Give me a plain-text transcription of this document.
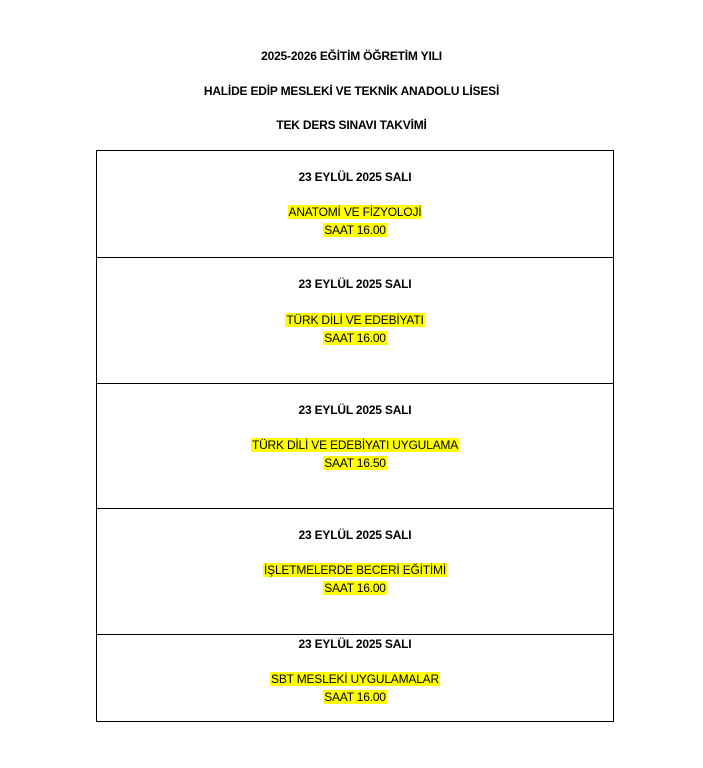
2025-2026 EĞİTİM ÖĞRETİM YILI
HALİDE EDİP MESLEKİ VE TEKNİK ANADOLU LİSESİ
TEK DERS SINAVI TAKVİMİ
23 EYLÜL 2025 SALI
ANATOMİ VE FİZYOLOJİ
SAAT 16.00
23 EYLÜL 2025 SALI
TÜRK DİLİ VE EDEBİYATI
SAAT 16.00
23 EYLÜL 2025 SALI
TÜRK DİLİ VE EDEBİYATI UYGULAMA
SAAT 16.50
23 EYLÜL 2025 SALI
İŞLETMELERDE BECERİ EĞİTİMİ
SAAT 16.00
23 EYLÜL 2025 SALI
SBT MESLEKİ UYGULAMALAR
SAAT 16.00
